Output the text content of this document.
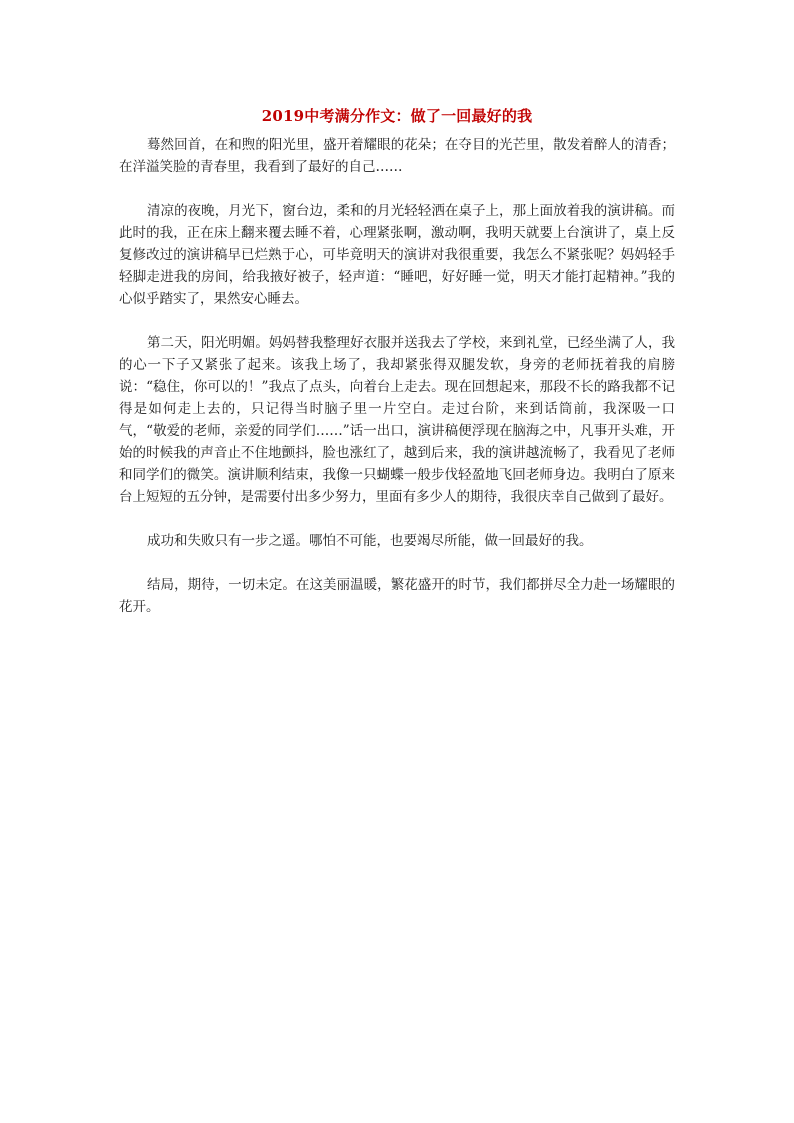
2019中考满分作文：做了一回最好的我

蓦然回首，在和煦的阳光里，盛开着耀眼的花朵；在夺目的光芒里，散发着醉人的清香；在洋溢笑脸的青春里，我看到了最好的自己……

清凉的夜晚，月光下，窗台边，柔和的月光轻轻洒在桌子上，那上面放着我的演讲稿。而此时的我，正在床上翻来覆去睡不着，心理紧张啊，激动啊，我明天就要上台演讲了，桌上反复修改过的演讲稿早已烂熟于心，可毕竟明天的演讲对我很重要，我怎么不紧张呢？妈妈轻手轻脚走进我的房间，给我掖好被子，轻声道：“睡吧，好好睡一觉，明天才能打起精神。”我的心似乎踏实了，果然安心睡去。

第二天，阳光明媚。妈妈替我整理好衣服并送我去了学校，来到礼堂，已经坐满了人，我的心一下子又紧张了起来。该我上场了，我却紧张得双腿发软，身旁的老师抚着我的肩膀说：“稳住，你可以的！”我点了点头，向着台上走去。现在回想起来，那段不长的路我都不记得是如何走上去的，只记得当时脑子里一片空白。走过台阶，来到话筒前，我深吸一口气，“敬爱的老师，亲爱的同学们……”话一出口，演讲稿便浮现在脑海之中，凡事开头难，开始的时候我的声音止不住地颤抖，脸也涨红了，越到后来，我的演讲越流畅了，我看见了老师和同学们的微笑。演讲顺利结束，我像一只蝴蝶一般步伐轻盈地飞回老师身边。我明白了原来台上短短的五分钟，是需要付出多少努力，里面有多少人的期待，我很庆幸自己做到了最好。

成功和失败只有一步之遥。哪怕不可能，也要竭尽所能，做一回最好的我。

结局，期待，一切未定。在这美丽温暖，繁花盛开的时节，我们都拼尽全力赴一场耀眼的花开。
